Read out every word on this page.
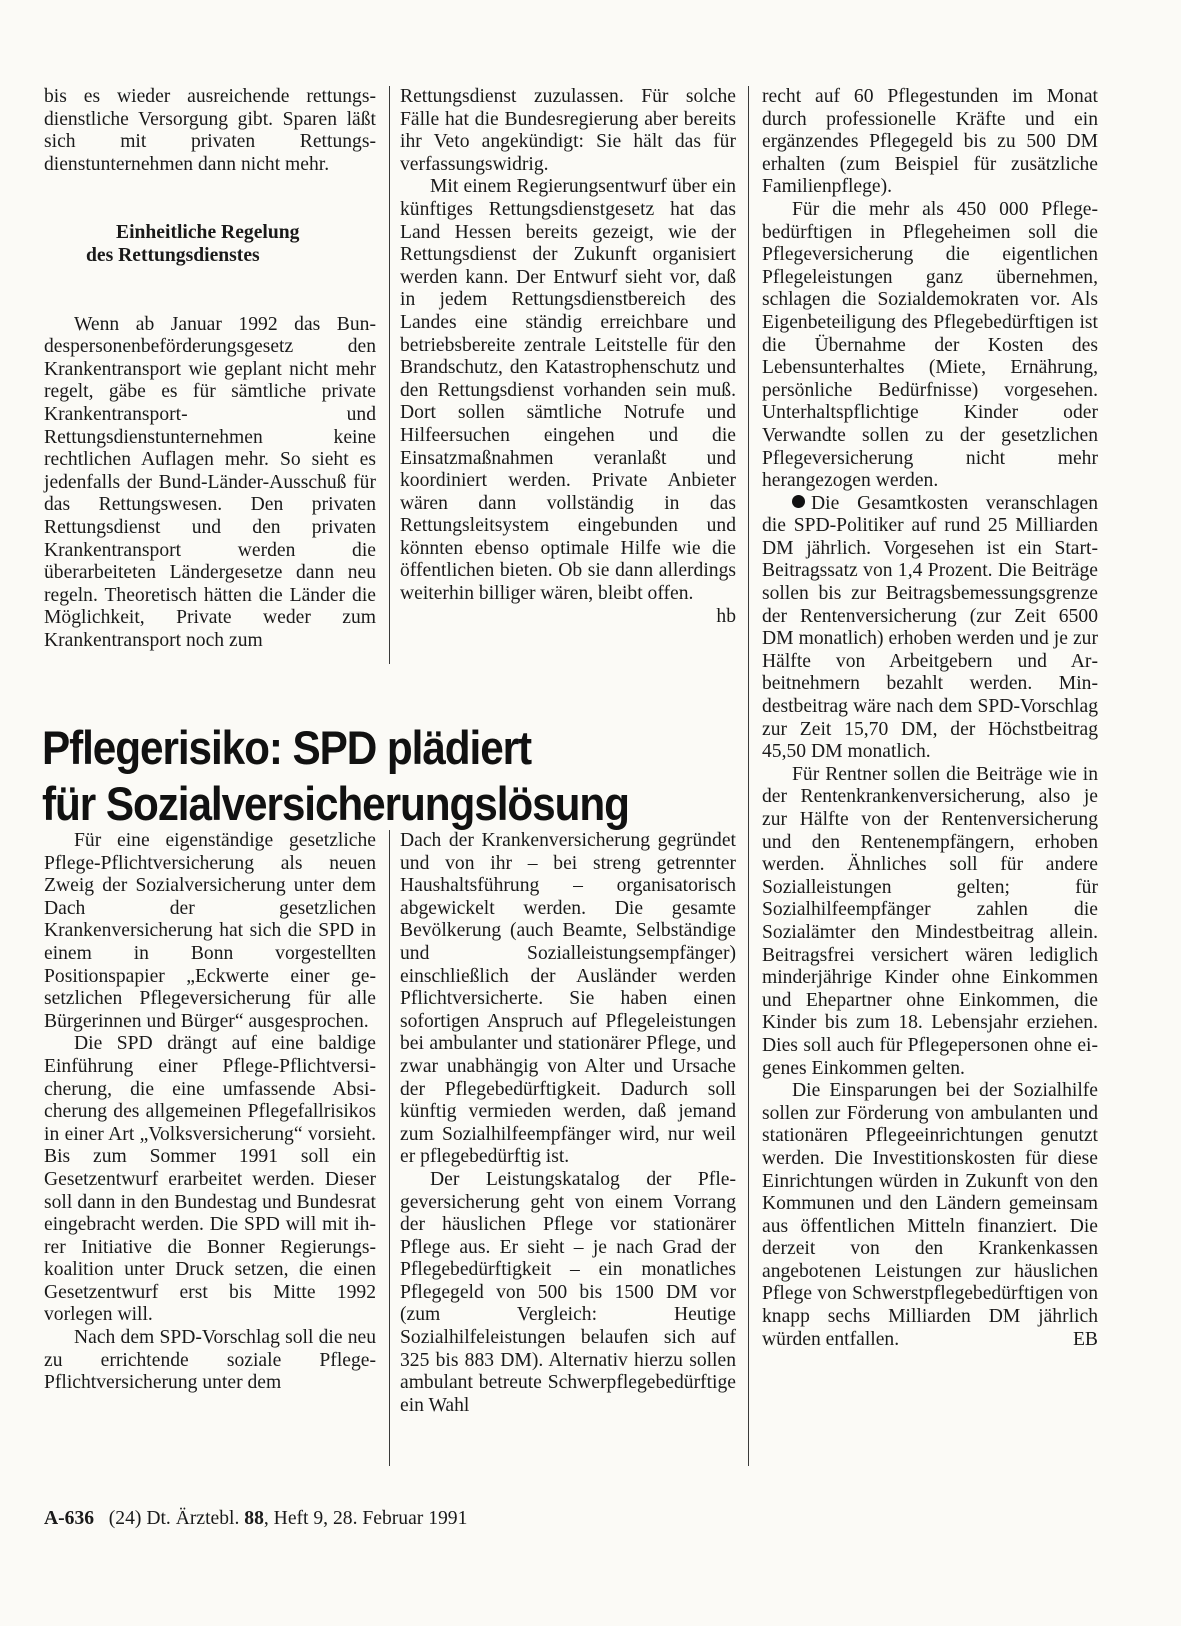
bis es wieder ausreichende rettungsdienstliche Versorgung gibt. Sparen läßt sich mit privaten Rettungsdienstunternehmen dann nicht mehr.

Einheitliche Regelung
des Rettungsdienstes

Wenn ab Januar 1992 das Bundespersonenbeförderungsgesetz den Krankentransport wie geplant nicht mehr regelt, gäbe es für sämtliche private Krankentransport- und Rettungsdienstunternehmen keine rechtlichen Auflagen mehr. So sieht es jedenfalls der Bund-Länder-Ausschuß für das Rettungswesen. Den privaten Rettungsdienst und den privaten Krankentransport werden die überarbeiteten Ländergesetze dann neu regeln. Theoretisch hätten die Länder die Möglichkeit, Private weder zum Krankentransport noch zum

Rettungsdienst zuzulassen. Für solche Fälle hat die Bundesregierung aber bereits ihr Veto angekündigt: Sie hält das für verfassungswidrig.

Mit einem Regierungsentwurf über ein künftiges Rettungsdienstgesetz hat das Land Hessen bereits gezeigt, wie der Rettungsdienst der Zukunft organisiert werden kann. Der Entwurf sieht vor, daß in jedem Rettungsdienstbereich des Landes eine ständig erreichbare und betriebsbereite zentrale Leitstelle für den Brandschutz, den Katastrophenschutz und den Rettungsdienst vorhanden sein muß. Dort sollen sämtliche Notrufe und Hilfeersuchen eingehen und die Einsatzmaßnahmen veranlaßt und koordiniert werden. Private Anbieter wären dann vollständig in das Rettungsleitsystem eingebunden und könnten ebenso optimale Hilfe wie die öffentlichen bieten. Ob sie dann allerdings weiterhin billiger wären, bleibt offen.
hb

Pflegerisiko: SPD plädiert
für Sozialversicherungslösung

recht auf 60 Pflegestunden im Monat durch professionelle Kräfte und ein ergänzendes Pflegegeld bis zu 500 DM erhalten (zum Beispiel für zusätzliche Familienpflege).

Für die mehr als 450 000 Pflegebedürftigen in Pflegeheimen soll die Pflegeversicherung die eigentlichen Pflegeleistungen ganz übernehmen, schlagen die Sozialdemokraten vor. Als Eigenbeteiligung des Pflegebedürftigen ist die Übernahme der Kosten des Lebensunterhaltes (Miete, Ernährung, persönliche Bedürfnisse) vorgesehen. Unterhaltspflichtige Kinder oder Verwandte sollen zu der gesetzlichen Pflegeversicherung nicht mehr herangezogen werden.

Die Gesamtkosten veranschlagen die SPD-Politiker auf rund 25 Milliarden DM jährlich. Vorgesehen ist ein Start-Beitragssatz von 1,4 Prozent. Die Beiträge sollen bis zur Beitragsbemessungsgrenze der Rentenversicherung (zur Zeit 6500 DM monatlich) erhoben werden und je zur Hälfte von Arbeitgebern und Arbeitnehmern bezahlt werden. Mindestbeitrag wäre nach dem SPD-Vorschlag zur Zeit 15,70 DM, der Höchstbeitrag 45,50 DM monatlich.

Für Rentner sollen die Beiträge wie in der Rentenkrankenversicherung, also je zur Hälfte von der Rentenversicherung und den Rentenempfängern, erhoben werden. Ähnliches soll für andere Sozialleistungen gelten; für Sozialhilfeempfänger zahlen die Sozialämter den Mindestbeitrag allein. Beitragsfrei versichert wären lediglich minderjährige Kinder ohne Einkommen und Ehepartner ohne Einkommen, die Kinder bis zum 18. Lebensjahr erziehen. Dies soll auch für Pflegepersonen ohne eigenes Einkommen gelten.

Die Einsparungen bei der Sozialhilfe sollen zur Förderung von ambulanten und stationären Pflegeeinrichtungen genutzt werden. Die Investitionskosten für diese Einrichtungen würden in Zukunft von den Kommunen und den Ländern gemeinsam aus öffentlichen Mitteln finanziert. Die derzeit von den Krankenkassen angebotenen Leistungen zur häuslichen Pflege von Schwerstpflegebedürftigen von knapp sechs Milliarden DM jährlich würden entfallen.	EB

Für eine eigenständige gesetzliche Pflege-Pflichtversicherung als neuen Zweig der Sozialversicherung unter dem Dach der gesetzlichen Krankenversicherung hat sich die SPD in einem in Bonn vorgestellten Positionspapier „Eckwerte einer gesetzlichen Pflegeversicherung für alle Bürgerinnen und Bürger“ ausgesprochen.

Die SPD drängt auf eine baldige Einführung einer Pflege-Pflichtversicherung, die eine umfassende Absicherung des allgemeinen Pflegefallrisikos in einer Art „Volksversicherung“ vorsieht. Bis zum Sommer 1991 soll ein Gesetzentwurf erarbeitet werden. Dieser soll dann in den Bundestag und Bundesrat eingebracht werden. Die SPD will mit ihrer Initiative die Bonner Regierungskoalition unter Druck setzen, die einen Gesetzentwurf erst bis Mitte 1992 vorlegen will.

Nach dem SPD-Vorschlag soll die neu zu errichtende soziale Pflege-Pflichtversicherung unter dem

Dach der Krankenversicherung gegründet und von ihr – bei streng getrennter Haushaltsführung – organisatorisch abgewickelt werden. Die gesamte Bevölkerung (auch Beamte, Selbständige und Sozialleistungsempfänger) einschließlich der Ausländer werden Pflichtversicherte. Sie haben einen sofortigen Anspruch auf Pflegeleistungen bei ambulanter und stationärer Pflege, und zwar unabhängig von Alter und Ursache der Pflegebedürftigkeit. Dadurch soll künftig vermieden werden, daß jemand zum Sozialhilfeempfänger wird, nur weil er pflegebedürftig ist.

Der Leistungskatalog der Pflegeversicherung geht von einem Vorrang der häuslichen Pflege vor stationärer Pflege aus. Er sieht – je nach Grad der Pflegebedürftigkeit – ein monatliches Pflegegeld von 500 bis 1500 DM vor (zum Vergleich: Heutige Sozialhilfeleistungen belaufen sich auf 325 bis 883 DM). Alternativ hierzu sollen ambulant betreute Schwerpflegebedürftige ein Wahl

A-636 (24) Dt. Ärztebl. 88, Heft 9, 28. Februar 1991
